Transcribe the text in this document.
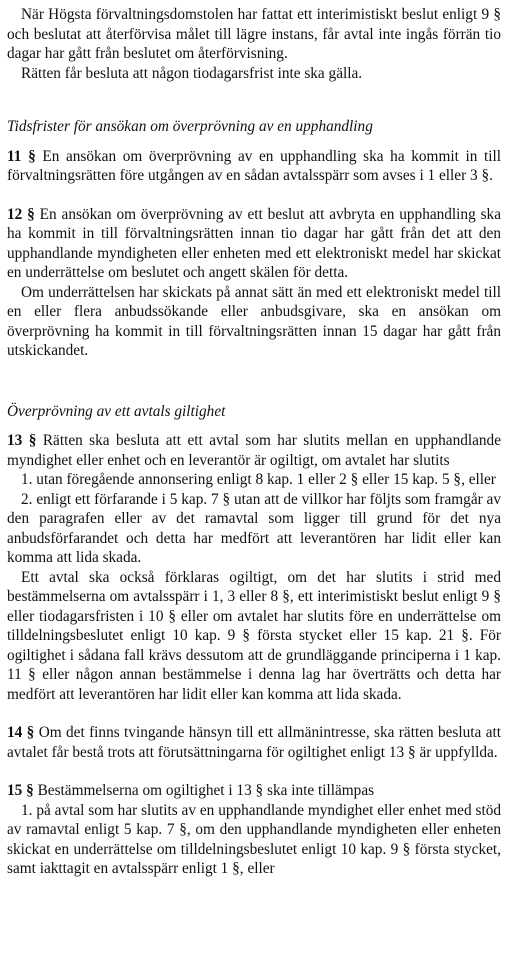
När Högsta förvaltningsdomstolen har fattat ett interimistiskt beslut enligt 9 § och beslutat att återförvisa målet till lägre instans, får avtal inte ingås förrän tio dagar har gått från beslutet om återförvisning.

Rätten får besluta att någon tiodagarsfrist inte ska gälla.

Tidsfrister för ansökan om överprövning av en upphandling

11 § En ansökan om överprövning av en upphandling ska ha kommit in till förvaltningsrätten före utgången av en sådan avtalsspärr som avses i 1 eller 3 §.

12 § En ansökan om överprövning av ett beslut att avbryta en upphandling ska ha kommit in till förvaltningsrätten innan tio dagar har gått från det att den upphandlande myndigheten eller enheten med ett elektroniskt medel har skickat en underrättelse om beslutet och angett skälen för detta.

Om underrättelsen har skickats på annat sätt än med ett elektroniskt medel till en eller flera anbudssökande eller anbudsgivare, ska en ansökan om överprövning ha kommit in till förvaltningsrätten innan 15 dagar har gått från utskickandet.

Överprövning av ett avtals giltighet

13 § Rätten ska besluta att ett avtal som har slutits mellan en upphandlande myndighet eller enhet och en leverantör är ogiltigt, om avtalet har slutits

1. utan föregående annonsering enligt 8 kap. 1 eller 2 § eller 15 kap. 5 §, eller

2. enligt ett förfarande i 5 kap. 7 § utan att de villkor har följts som framgår av den paragrafen eller av det ramavtal som ligger till grund för det nya anbudsförfarandet och detta har medfört att leverantören har lidit eller kan komma att lida skada.

Ett avtal ska också förklaras ogiltigt, om det har slutits i strid med bestämmelserna om avtalsspärr i 1, 3 eller 8 §, ett interimistiskt beslut enligt 9 § eller tiodagarsfristen i 10 § eller om avtalet har slutits före en underrättelse om tilldelningsbeslutet enligt 10 kap. 9 § första stycket eller 15 kap. 21 §. För ogiltighet i sådana fall krävs dessutom att de grundläggande principerna i 1 kap. 11 § eller någon annan bestämmelse i denna lag har överträtts och detta har medfört att leverantören har lidit eller kan komma att lida skada.

14 § Om det finns tvingande hänsyn till ett allmänintresse, ska rätten besluta att avtalet får bestå trots att förutsättningarna för ogiltighet enligt 13 § är uppfyllda.

15 § Bestämmelserna om ogiltighet i 13 § ska inte tillämpas

1. på avtal som har slutits av en upphandlande myndighet eller enhet med stöd av ramavtal enligt 5 kap. 7 §, om den upphandlande myndigheten eller enheten skickat en underrättelse om tilldelningsbeslutet enligt 10 kap. 9 § första stycket, samt iakttagit en avtalsspärr enligt 1 §, eller
